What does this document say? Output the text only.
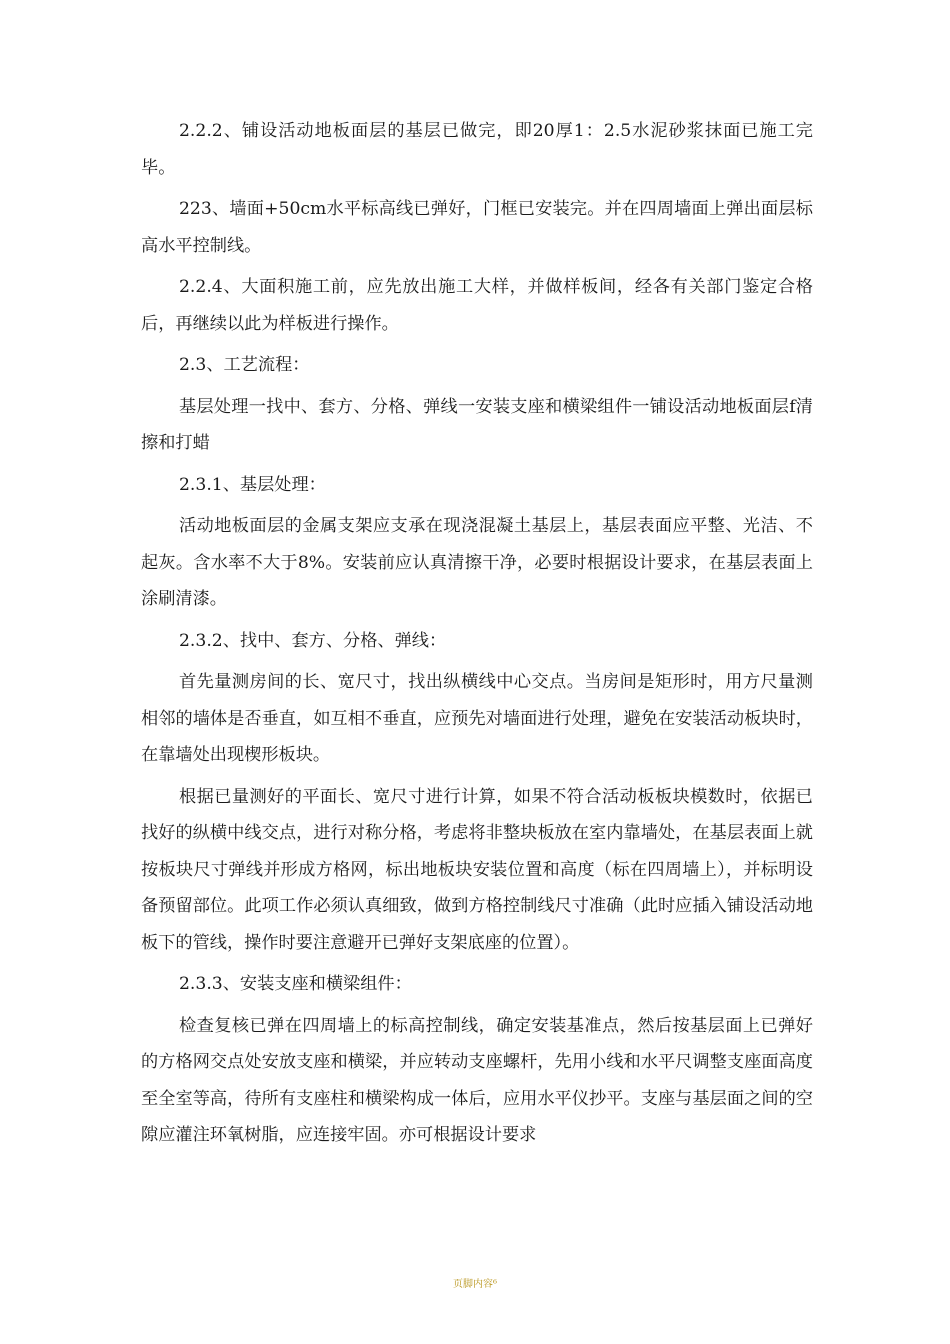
2.2.2、铺设活动地板面层的基层已做完，即20厚1：2.5水泥砂浆抹面已施工完毕。

223、墙面+50cm水平标高线已弹好，门框已安装完。并在四周墙面上弹出面层标高水平控制线。

2.2.4、大面积施工前，应先放出施工大样，并做样板间，经各有关部门鉴定合格后，再继续以此为样板进行操作。

2.3、工艺流程：

基层处理一找中、套方、分格、弹线一安装支座和横梁组件一铺设活动地板面层f清擦和打蜡

2.3.1、基层处理：

活动地板面层的金属支架应支承在现浇混凝土基层上，基层表面应平整、光洁、不起灰。含水率不大于8%。安装前应认真清擦干净，必要时根据设计要求，在基层表面上涂刷清漆。

2.3.2、找中、套方、分格、弹线：

首先量测房间的长、宽尺寸，找出纵横线中心交点。当房间是矩形时，用方尺量测相邻的墙体是否垂直，如互相不垂直，应预先对墙面进行处理，避免在安装活动板块时，在靠墙处出现楔形板块。

根据已量测好的平面长、宽尺寸进行计算，如果不符合活动板板块模数时，依据已找好的纵横中线交点，进行对称分格，考虑将非整块板放在室内靠墙处，在基层表面上就按板块尺寸弹线并形成方格网，标出地板块安装位置和高度（标在四周墙上），并标明设备预留部位。此项工作必须认真细致，做到方格控制线尺寸准确（此时应插入铺设活动地板下的管线，操作时要注意避开已弹好支架底座的位置）。

2.3.3、安装支座和横梁组件：

检查复核已弹在四周墙上的标高控制线，确定安装基准点，然后按基层面上已弹好的方格网交点处安放支座和横梁，并应转动支座螺杆，先用小线和水平尺调整支座面高度至全室等高，待所有支座柱和横梁构成一体后，应用水平仪抄平。支座与基层面之间的空隙应灌注环氧树脂，应连接牢固。亦可根据设计要求

页脚内容⁶
